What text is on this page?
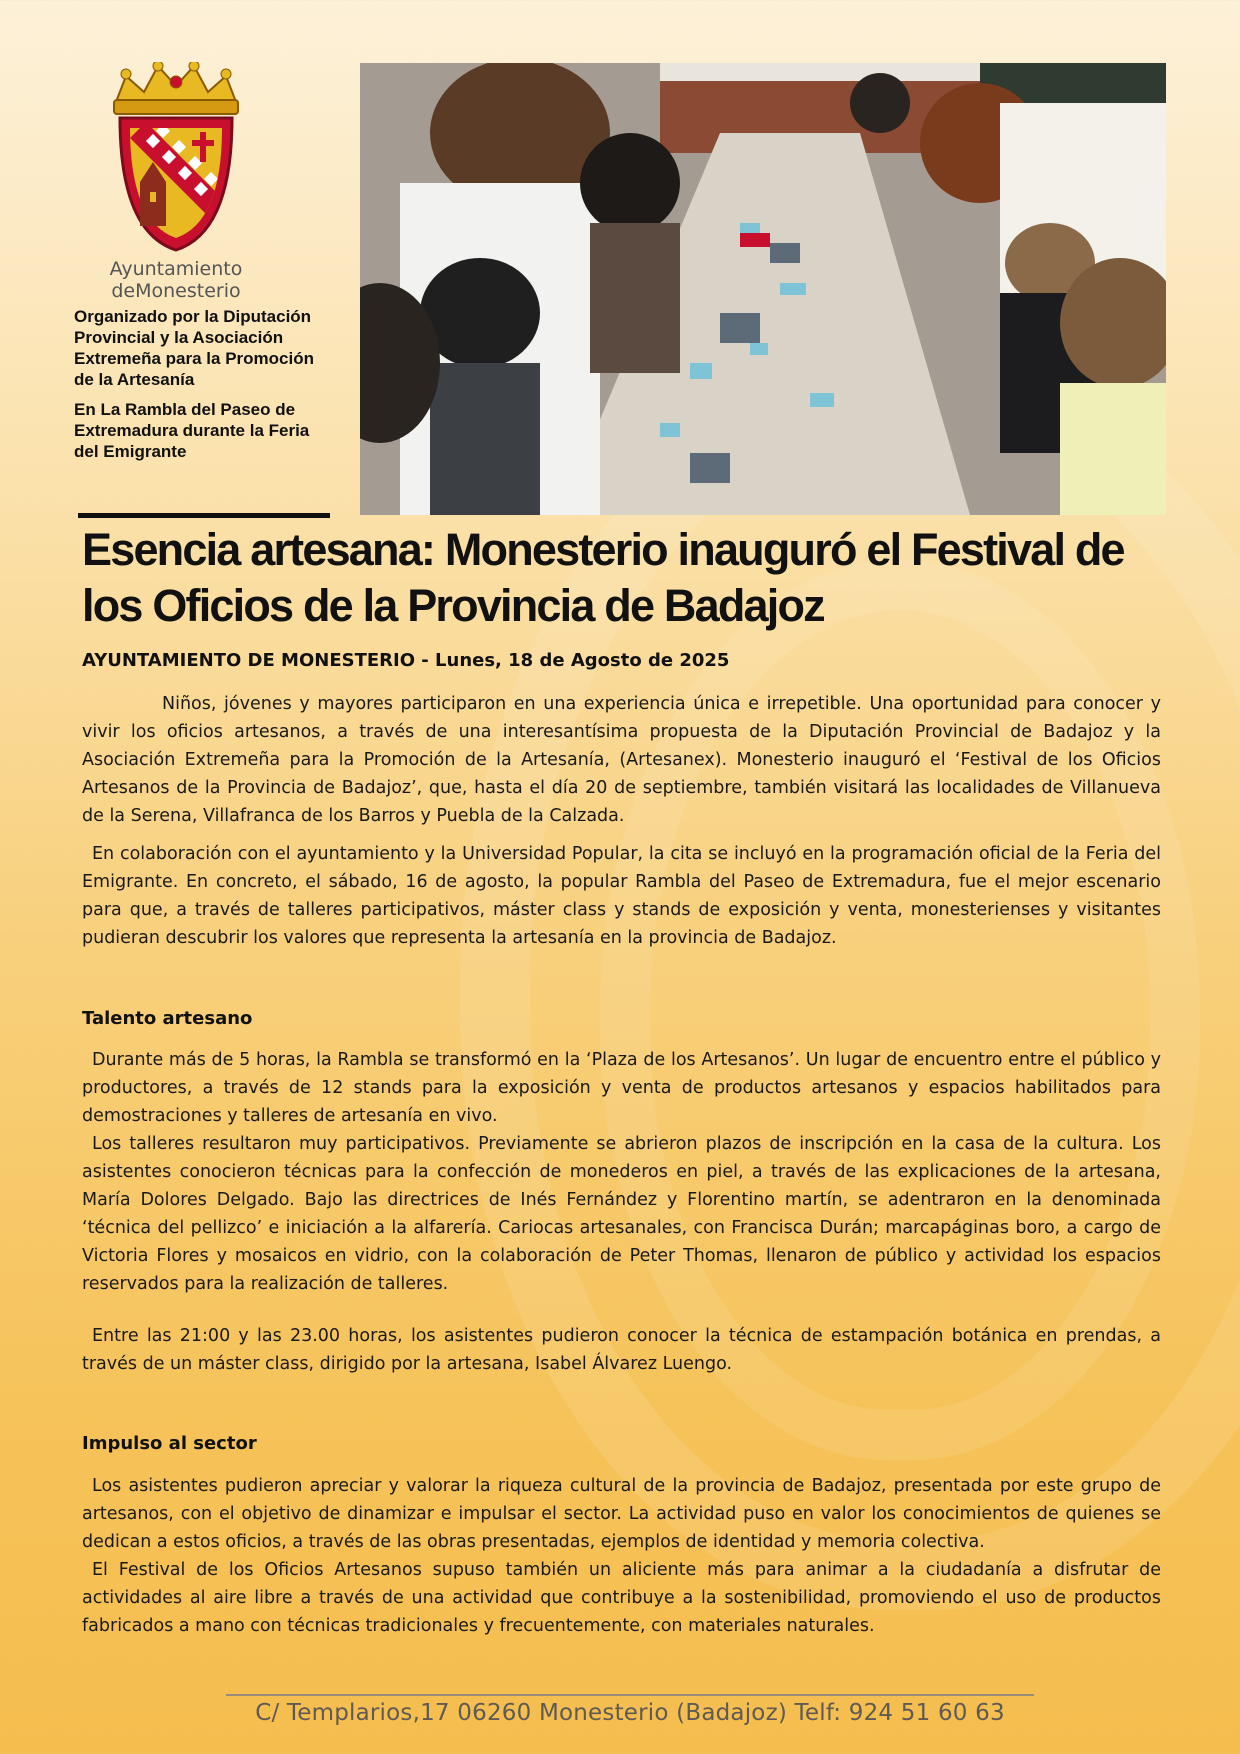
Ayuntamiento
deMonesterio
Organizado por la Diputación Provincial y la Asociación Extremeña para la Promoción de la Artesanía
En La Rambla del Paseo de Extremadura durante la Feria del Emigrante
Esencia artesana: Monesterio inauguró el Festival de los Oficios de la Provincia de Badajoz
AYUNTAMIENTO DE MONESTERIO - Lunes, 18 de Agosto de 2025

Niños, jóvenes y mayores participaron en una experiencia única e irrepetible. Una oportunidad para conocer y vivir los oficios artesanos, a través de una interesantísima propuesta de la Diputación Provincial de Badajoz y la Asociación Extremeña para la Promoción de la Artesanía, (Artesanex). Monesterio inauguró el ‘Festival de los Oficios Artesanos de la Provincia de Badajoz’, que, hasta el día 20 de septiembre, también visitará las localidades de Villanueva de la Serena, Villafranca de los Barros y Puebla de la Calzada.

En colaboración con el ayuntamiento y la Universidad Popular, la cita se incluyó en la programación oficial de la Feria del Emigrante. En concreto, el sábado, 16 de agosto, la popular Rambla del Paseo de Extremadura, fue el mejor escenario para que, a través de talleres participativos, máster class y stands de exposición y venta, monesterienses y visitantes pudieran descubrir los valores que representa la artesanía en la provincia de Badajoz.

Talento artesano

Durante más de 5 horas, la Rambla se transformó en la ‘Plaza de los Artesanos’. Un lugar de encuentro entre el público y productores, a través de 12 stands para la exposición y venta de productos artesanos y espacios habilitados para demostraciones y talleres de artesanía en vivo.

Los talleres resultaron muy participativos. Previamente se abrieron plazos de inscripción en la casa de la cultura. Los asistentes conocieron técnicas para la confección de monederos en piel, a través de las explicaciones de la artesana, María Dolores Delgado. Bajo las directrices de Inés Fernández y Florentino martín, se adentraron en la denominada ‘técnica del pellizco’ e iniciación a la alfarería. Cariocas artesanales, con Francisca Durán; marcapáginas boro, a cargo de Victoria Flores y mosaicos en vidrio, con la colaboración de Peter Thomas, llenaron de público y actividad los espacios reservados para la realización de talleres.

Entre las 21:00 y las 23.00 horas, los asistentes pudieron conocer la técnica de estampación botánica en prendas, a través de un máster class, dirigido por la artesana, Isabel Álvarez Luengo.

Impulso al sector

Los asistentes pudieron apreciar y valorar la riqueza cultural de la provincia de Badajoz, presentada por este grupo de artesanos, con el objetivo de dinamizar e impulsar el sector. La actividad puso en valor los conocimientos de quienes se dedican a estos oficios, a través de las obras presentadas, ejemplos de identidad y memoria colectiva.

El Festival de los Oficios Artesanos supuso también un aliciente más para animar a la ciudadanía a disfrutar de actividades al aire libre a través de una actividad que contribuye a la sostenibilidad, promoviendo el uso de productos fabricados a mano con técnicas tradicionales y frecuentemente, con materiales naturales.

C/ Templarios,17 06260 Monesterio (Badajoz) Telf: 924 51 60 63
